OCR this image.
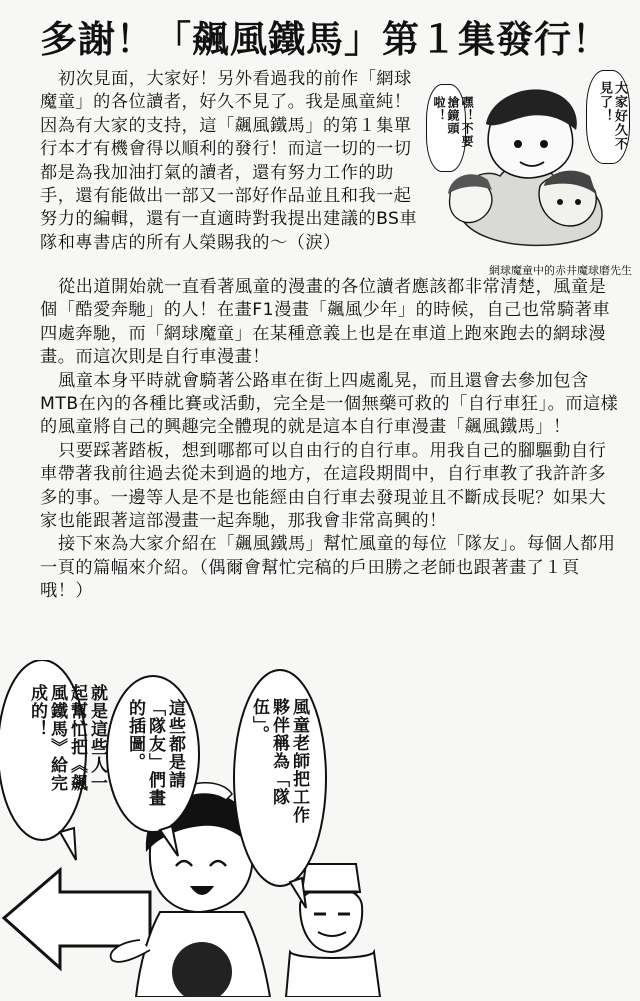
多謝！「飆風鐵馬」第１集發行！

初次見面，大家好！另外看過我的前作「網球魔童」的各位讀者，好久不見了。我是風童純！因為有大家的支持，這「飆風鐵馬」的第１集單行本才有機會得以順利的發行！而這一切的一切都是為我加油打氣的讀者，還有努力工作的助手，還有能做出一部又一部好作品並且和我一起努力的編輯，還有一直適時對我提出建議的BS車隊和專書店的所有人榮賜我的～（淚）

從出道開始就一直看著風童的漫畫的各位讀者應該都非常清楚，風童是個「酷愛奔馳」的人！在畫F1漫畫「飆風少年」的時候，自己也常騎著車四處奔馳，而「網球魔童」在某種意義上也是在車道上跑來跑去的網球漫畫。而這次則是自行車漫畫！

風童本身平時就會騎著公路車在街上四處亂晃，而且還會去參加包含MTB在內的各種比賽或活動，完全是一個無藥可救的「自行車狂」。而這樣的風童將自己的興趣完全體現的就是這本自行車漫畫「飆風鐵馬」！

只要踩著踏板，想到哪都可以自由行的自行車。用我自己的腳驅動自行車帶著我前往過去從未到過的地方，在這段期間中，自行車教了我許許多多的事。一邊等人是不是也能經由自行車去發現並且不斷成長呢？如果大家也能跟著這部漫畫一起奔馳，那我會非常高興的！

接下來為大家介紹在「飆風鐵馬」幫忙風童的每位「隊友」。每個人都用一頁的篇幅來介紹。（偶爾會幫忙完稿的戶田勝之老師也跟著畫了１頁哦！）

嘿！不要搶鏡頭啦！	大家好久不見了！
網球魔童中的赤井魔球磨先生
就是這些人一起幫忙把《飆風鐵馬》給完成的！	這些都是請「隊友」們畫的插圖。	風童老師把工作夥伴稱為「隊伍」。
